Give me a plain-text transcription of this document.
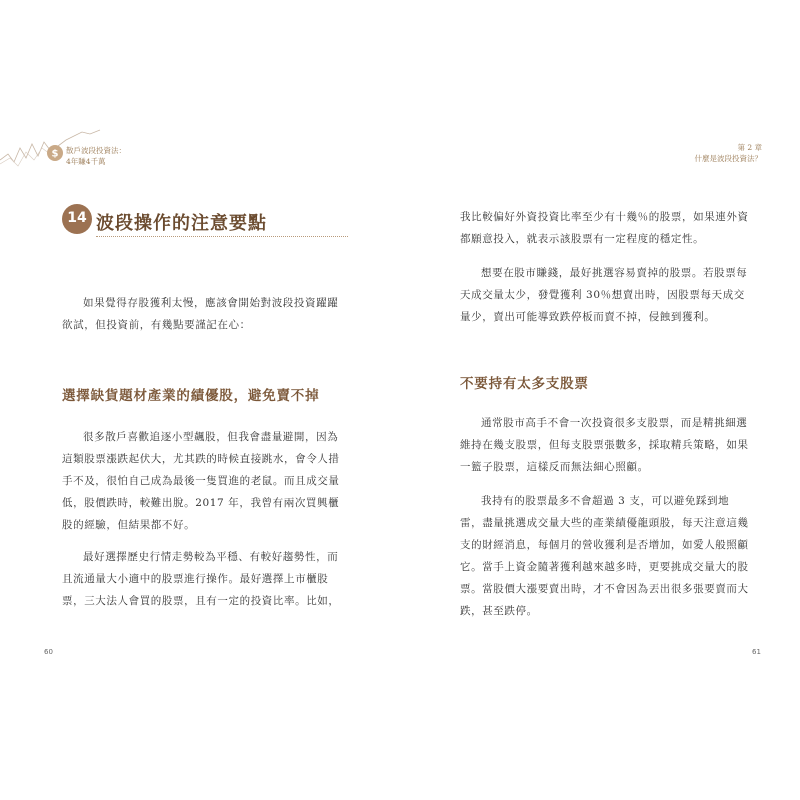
$ 散戶波段投資法：
4年賺4千萬
14 波段操作的注意要點
如果覺得存股獲利太慢，應該會開始對波段投資躍躍欲試，但投資前，有幾點要謹記在心：
選擇缺貨題材產業的績優股，避免賣不掉
很多散戶喜歡追逐小型飆股，但我會盡量避開，因為這類股票漲跌起伏大，尤其跌的時候直接跳水，會令人措手不及，很怕自己成為最後一隻買進的老鼠。而且成交量低，股價跌時，較難出脫。2017 年，我曾有兩次買興櫃股的經驗，但結果都不好。
最好選擇歷史行情走勢較為平穩、有較好趨勢性，而且流通量大小適中的股票進行操作。最好選擇上市櫃股票，三大法人會買的股票，且有一定的投資比率。比如，
60
第 2 章
什麼是波段投資法？
我比較偏好外資投資比率至少有十幾％的股票，如果連外資都願意投入，就表示該股票有一定程度的穩定性。
想要在股市賺錢，最好挑選容易賣掉的股票。若股票每天成交量太少，發覺獲利 30％想賣出時，因股票每天成交量少，賣出可能導致跌停板而賣不掉，侵蝕到獲利。
不要持有太多支股票
通常股市高手不會一次投資很多支股票，而是精挑細選維持在幾支股票，但每支股票張數多，採取精兵策略，如果一籃子股票，這樣反而無法細心照顧。
我持有的股票最多不會超過 3 支，可以避免踩到地雷，盡量挑選成交量大些的產業績優龍頭股，每天注意這幾支的財經消息，每個月的營收獲利是否增加，如愛人般照顧它。當手上資金隨著獲利越來越多時，更要挑成交量大的股票。當股價大漲要賣出時，才不會因為丟出很多張要賣而大跌，甚至跌停。
61
